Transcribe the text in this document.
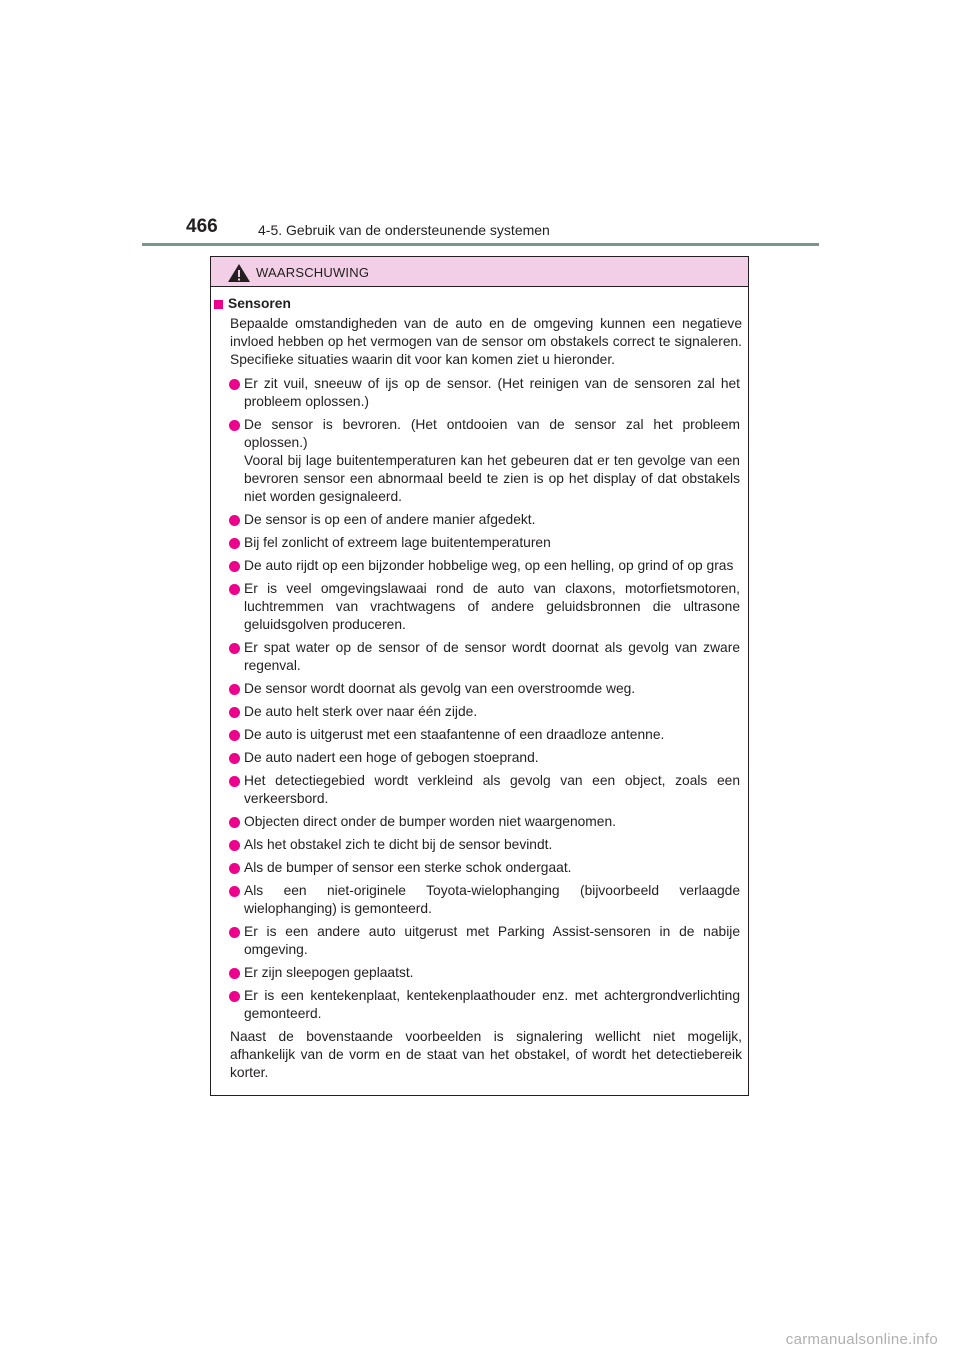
466	4-5. Gebruik van de ondersteunende systemen
WAARSCHUWING
Sensoren
Bepaalde omstandigheden van de auto en de omgeving kunnen een negatieve invloed hebben op het vermogen van de sensor om obstakels correct te signaleren. Specifieke situaties waarin dit voor kan komen ziet u hieronder.
Er zit vuil, sneeuw of ijs op de sensor. (Het reinigen van de sensoren zal het probleem oplossen.)
De sensor is bevroren. (Het ontdooien van de sensor zal het probleem oplossen.)
Vooral bij lage buitentemperaturen kan het gebeuren dat er ten gevolge van een bevroren sensor een abnormaal beeld te zien is op het display of dat obstakels niet worden gesignaleerd.
De sensor is op een of andere manier afgedekt.
Bij fel zonlicht of extreem lage buitentemperaturen
De auto rijdt op een bijzonder hobbelige weg, op een helling, op grind of op gras
Er is veel omgevingslawaai rond de auto van claxons, motorfietsmotoren, luchtremmen van vrachtwagens of andere geluidsbronnen die ultrasone geluidsgolven produceren.
Er spat water op de sensor of de sensor wordt doornat als gevolg van zware regenval.
De sensor wordt doornat als gevolg van een overstroomde weg.
De auto helt sterk over naar één zijde.
De auto is uitgerust met een staafantenne of een draadloze antenne.
De auto nadert een hoge of gebogen stoeprand.
Het detectiegebied wordt verkleind als gevolg van een object, zoals een verkeersbord.
Objecten direct onder de bumper worden niet waargenomen.
Als het obstakel zich te dicht bij de sensor bevindt.
Als de bumper of sensor een sterke schok ondergaat.
Als een niet-originele Toyota-wielophanging (bijvoorbeeld verlaagde wielophanging) is gemonteerd.
Er is een andere auto uitgerust met Parking Assist-sensoren in de nabije omgeving.
Er zijn sleepogen geplaatst.
Er is een kentekenplaat, kentekenplaathouder enz. met achtergrondverlichting gemonteerd.
Naast de bovenstaande voorbeelden is signalering wellicht niet mogelijk, afhankelijk van de vorm en de staat van het obstakel, of wordt het detectiebereik korter.
carmanualsonline.info
